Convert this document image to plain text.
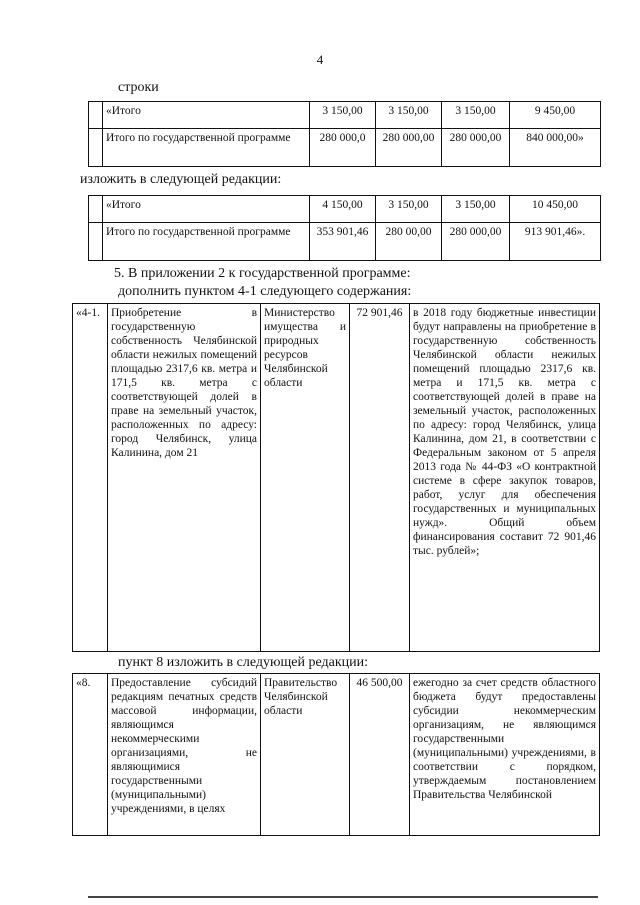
4
строки
	«Итого	3 150,00	3 150,00	3 150,00	9 450,00
	Итого по государственной программе	280 000,0	280 000,00	280 000,00	840 000,00»
изложить в следующей редакции:
	«Итого	4 150,00	3 150,00	3 150,00	10 450,00
	Итого по государственной программе	353 901,46	280 00,00	280 000,00	913 901,46».
5. В приложении 2 к государственной программе:
дополнить пунктом 4-1 следующего содержания:
«4-1.	Приобретение в государственную собственность Челябинской области нежилых помещений площадью 2317,6 кв. метра и 171,5 кв. метра с соответствующей долей в праве на земельный участок, расположенных по адресу: город Челябинск, улица Калинина, дом 21	Министерство имущества и природных ресурсов Челябинской области	72 901,46	в 2018 году бюджетные инвестиции будут направлены на приобретение в государственную собственность Челябинской области нежилых помещений площадью 2317,6 кв. метра и 171,5 кв. метра с соответствующей долей в праве на земельный участок, расположенных по адресу: город Челябинск, улица Калинина, дом 21, в соответствии с Федеральным законом от 5 апреля 2013 года № 44-ФЗ «О контрактной системе в сфере закупок товаров, работ, услуг для обеспечения государственных и муниципальных нужд». Общий объем финансирования составит 72 901,46 тыс. рублей»;
пункт 8 изложить в следующей редакции:
«8.	Предоставление субсидий редакциям печатных средств массовой информации, являющимся некоммерческими организациями, не являющимися государственными (муниципальными) учреждениями, в целях	Правительство Челябинской области	46 500,00	ежегодно за счет средств областного бюджета будут предоставлены субсидии некоммерческим организациям, не являющимся государственными (муниципальными) учреждениями, в соответствии с порядком, утверждаемым постановлением Правительства Челябинской
